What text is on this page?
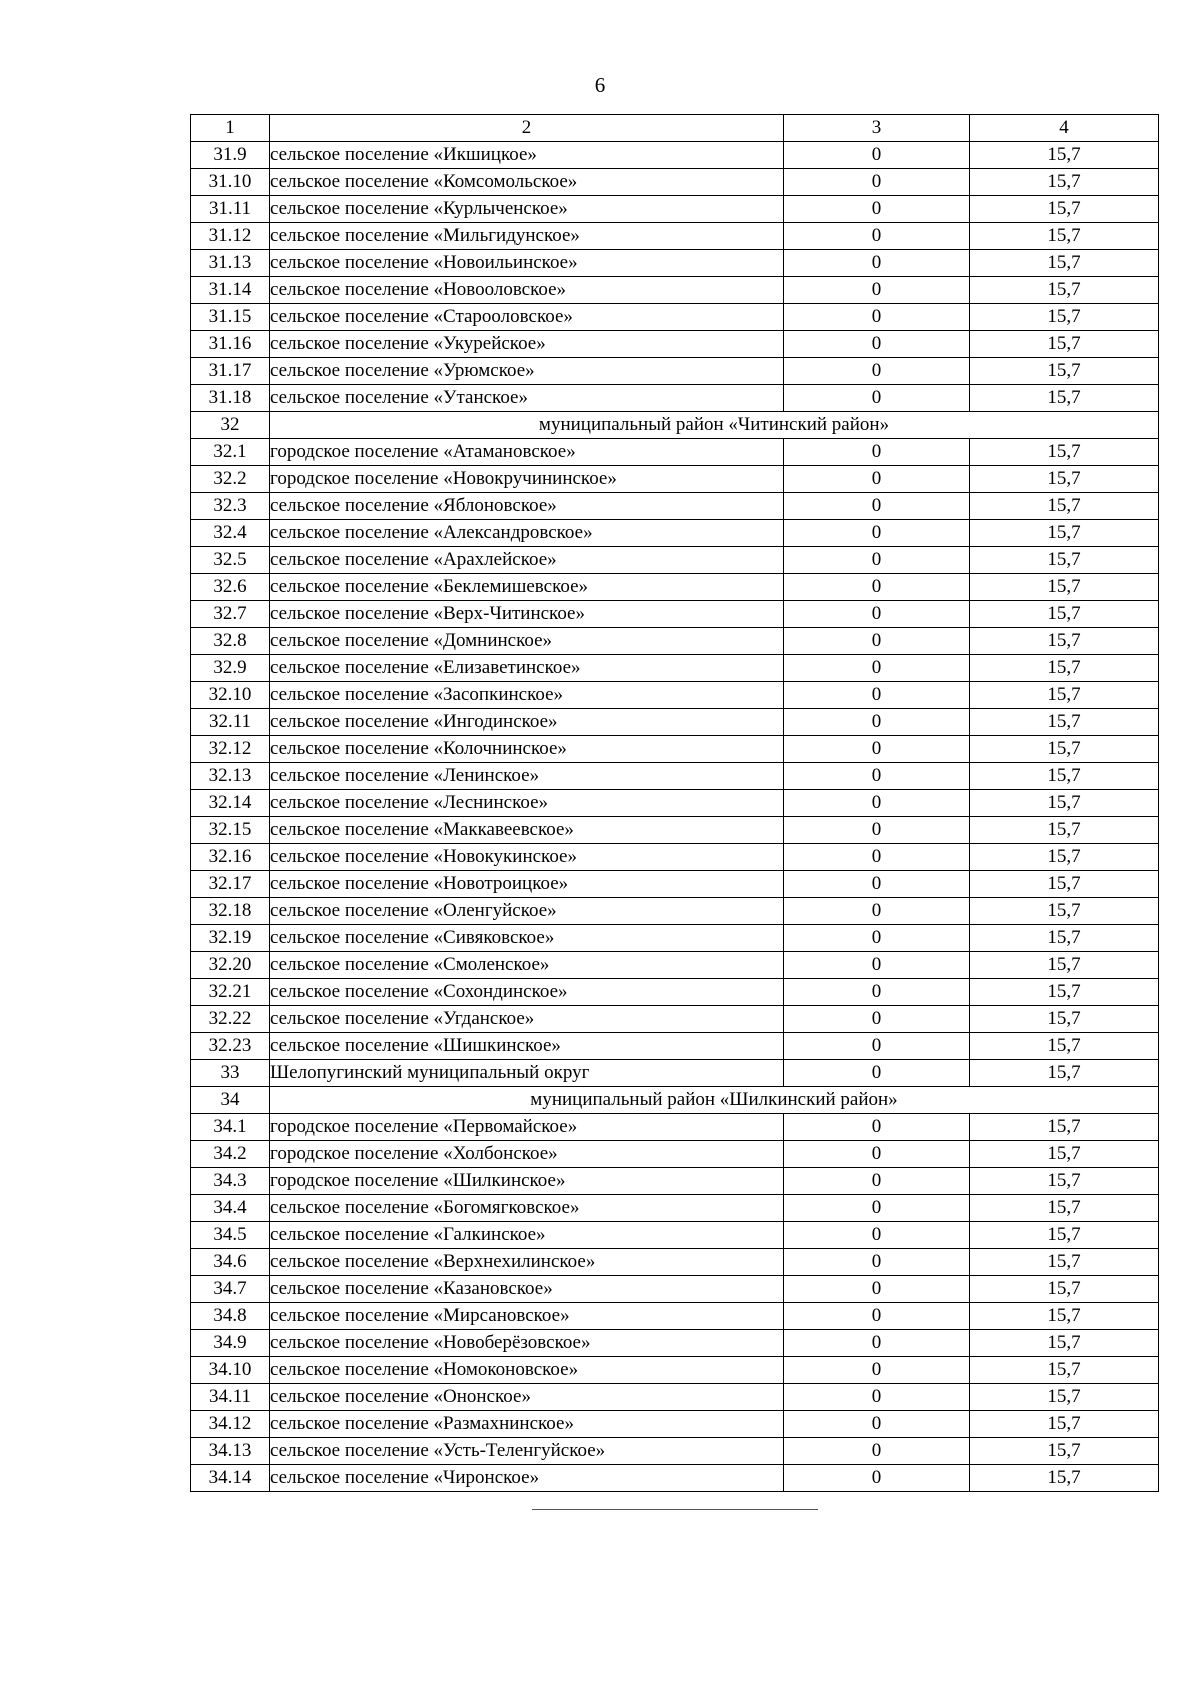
6
1	2	3	4
31.9	сельское поселение «Икшицкое»	0	15,7
31.10	сельское поселение «Комсомольское»	0	15,7
31.11	сельское поселение «Курлыченское»	0	15,7
31.12	сельское поселение «Мильгидунское»	0	15,7
31.13	сельское поселение «Новоильинское»	0	15,7
31.14	сельское поселение «Новооловское»	0	15,7
31.15	сельское поселение «Старооловское»	0	15,7
31.16	сельское поселение «Укурейское»	0	15,7
31.17	сельское поселение «Урюмское»	0	15,7
31.18	сельское поселение «Утанское»	0	15,7
32	муниципальный район «Читинский район»		
32.1	городское поселение «Атамановское»	0	15,7
32.2	городское поселение «Новокручининское»	0	15,7
32.3	сельское поселение «Яблоновское»	0	15,7
32.4	сельское поселение «Александровское»	0	15,7
32.5	сельское поселение «Арахлейское»	0	15,7
32.6	сельское поселение «Беклемишевское»	0	15,7
32.7	сельское поселение «Верх-Читинское»	0	15,7
32.8	сельское поселение «Домнинское»	0	15,7
32.9	сельское поселение «Елизаветинское»	0	15,7
32.10	сельское поселение «Засопкинское»	0	15,7
32.11	сельское поселение «Ингодинское»	0	15,7
32.12	сельское поселение «Колочнинское»	0	15,7
32.13	сельское поселение «Ленинское»	0	15,7
32.14	сельское поселение «Леснинское»	0	15,7
32.15	сельское поселение «Маккавеевское»	0	15,7
32.16	сельское поселение «Новокукинское»	0	15,7
32.17	сельское поселение «Новотроицкое»	0	15,7
32.18	сельское поселение «Оленгуйское»	0	15,7
32.19	сельское поселение «Сивяковское»	0	15,7
32.20	сельское поселение «Смоленское»	0	15,7
32.21	сельское поселение «Сохондинское»	0	15,7
32.22	сельское поселение «Угданское»	0	15,7
32.23	сельское поселение «Шишкинское»	0	15,7
33	Шелопугинский муниципальный округ	0	15,7
34	муниципальный район «Шилкинский район»		
34.1	городское поселение «Первомайское»	0	15,7
34.2	городское поселение «Холбонское»	0	15,7
34.3	городское поселение «Шилкинское»	0	15,7
34.4	сельское поселение «Богомягковское»	0	15,7
34.5	сельское поселение «Галкинское»	0	15,7
34.6	сельское поселение «Верхнехилинское»	0	15,7
34.7	сельское поселение «Казановское»	0	15,7
34.8	сельское поселение «Мирсановское»	0	15,7
34.9	сельское поселение «Новоберёзовское»	0	15,7
34.10	сельское поселение «Номоконовское»	0	15,7
34.11	сельское поселение «Ононское»	0	15,7
34.12	сельское поселение «Размахнинское»	0	15,7
34.13	сельское поселение «Усть-Теленгуйское»	0	15,7
34.14	сельское поселение «Чиронское»	0	15,7
